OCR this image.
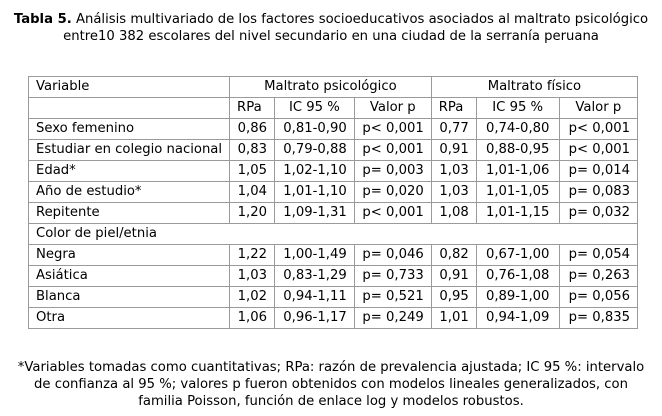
Tabla 5. Análisis multivariado de los factores socioeducativos asociados al maltrato psicológico entre10 382 escolares del nivel secundario en una ciudad de la serranía peruana
Variable	Maltrato psicológico			Maltrato físico		
	RPa	IC 95 %	Valor p	RPa	IC 95 %	Valor p
Sexo femenino	0,86	0,81-0,90	p< 0,001	0,77	0,74-0,80	p< 0,001
Estudiar en colegio nacional	0,83	0,79-0,88	p< 0,001	0,91	0,88-0,95	p< 0,001
Edad*	1,05	1,02-1,10	p= 0,003	1,03	1,01-1,06	p= 0,014
Año de estudio*	1,04	1,01-1,10	p= 0,020	1,03	1,01-1,05	p= 0,083
Repitente	1,20	1,09-1,31	p< 0,001	1,08	1,01-1,15	p= 0,032
Color de piel/etnia						
Negra	1,22	1,00-1,49	p= 0,046	0,82	0,67-1,00	p= 0,054
Asiática	1,03	0,83-1,29	p= 0,733	0,91	0,76-1,08	p= 0,263
Blanca	1,02	0,94-1,11	p= 0,521	0,95	0,89-1,00	p= 0,056
Otra	1,06	0,96-1,17	p= 0,249	1,01	0,94-1,09	p= 0,835
*Variables tomadas como cuantitativas; RPa: razón de prevalencia ajustada; IC 95 %: intervalo de confianza al 95 %; valores p fueron obtenidos con modelos lineales generalizados, con familia Poisson, función de enlace log y modelos robustos.
